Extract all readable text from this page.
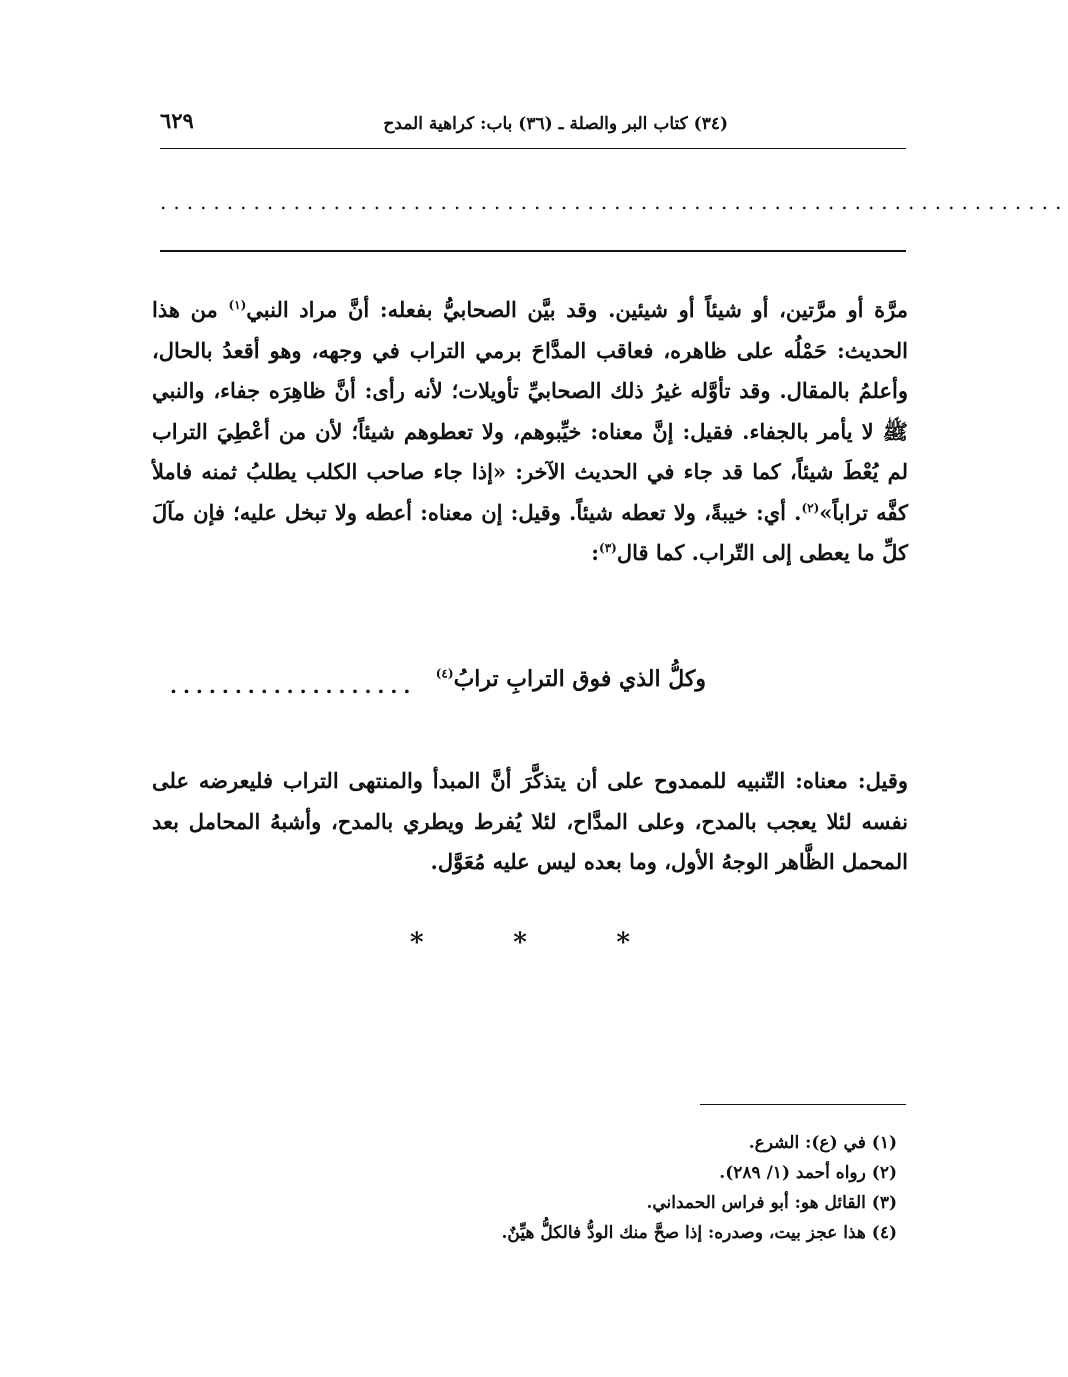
٦٢٩	(٣٤) كتاب البر والصلة ـ (٣٦) باب: كراهية المدح
....................................................................

مرَّة أو مرَّتين، أو شيئاً أو شيئين. وقد بيَّن الصحابيُّ بفعله: أنَّ مراد النبي$^{(١)}$ من هذا الحديث: حَمْلُه على ظاهره، فعاقب المدَّاحَ برمي التراب في وجهه، وهو أقعدُ بالحال، وأعلمُ بالمقال. وقد تأوَّله غيرُ ذلك الصحابيِّ تأويلات؛ لأنه رأى: أنَّ ظاهِرَه جفاء، والنبي ﷺ لا يأمر بالجفاء. فقيل: إنَّ معناه: خيِّبوهم، ولا تعطوهم شيئاً؛ لأن من أعْطِيَ التراب لم يُعْطَ شيئاً، كما قد جاء في الحديث الآخر: «إذا جاء صاحب الكلب يطلبُ ثمنه فاملأ كفَّه تراباً»$^{(٢)}$. أي: خيبةً، ولا تعطه شيئاً. وقيل: إن معناه: أعطه ولا تبخل عليه؛ فإن مآلَ كلِّ ما يعطى إلى التّراب. كما قال$^{(٣)}$:

وكلُّ الذي فوق الترابِ ترابُ$^{(٤)}$
...................

وقيل: معناه: التّنبيه للممدوح على أن يتذكَّرَ أنَّ المبدأ والمنتهى التراب فليعرضه على نفسه لئلا يعجب بالمدح، وعلى المدَّاح، لئلا يُفرط ويطري بالمدح، وأشبهُ المحامل بعد المحمل الظَّاهر الوجهُ الأول، وما بعده ليس عليه مُعَوَّل.

*	*	*
(١) في (ع): الشرع.
(٢) رواه أحمد (١/ ٢٨٩).
(٣) القائل هو: أبو فراس الحمداني.
(٤) هذا عجز بيت، وصدره: إذا صحَّ منك الودُّ فالكلُّ هيِّنٌ.
